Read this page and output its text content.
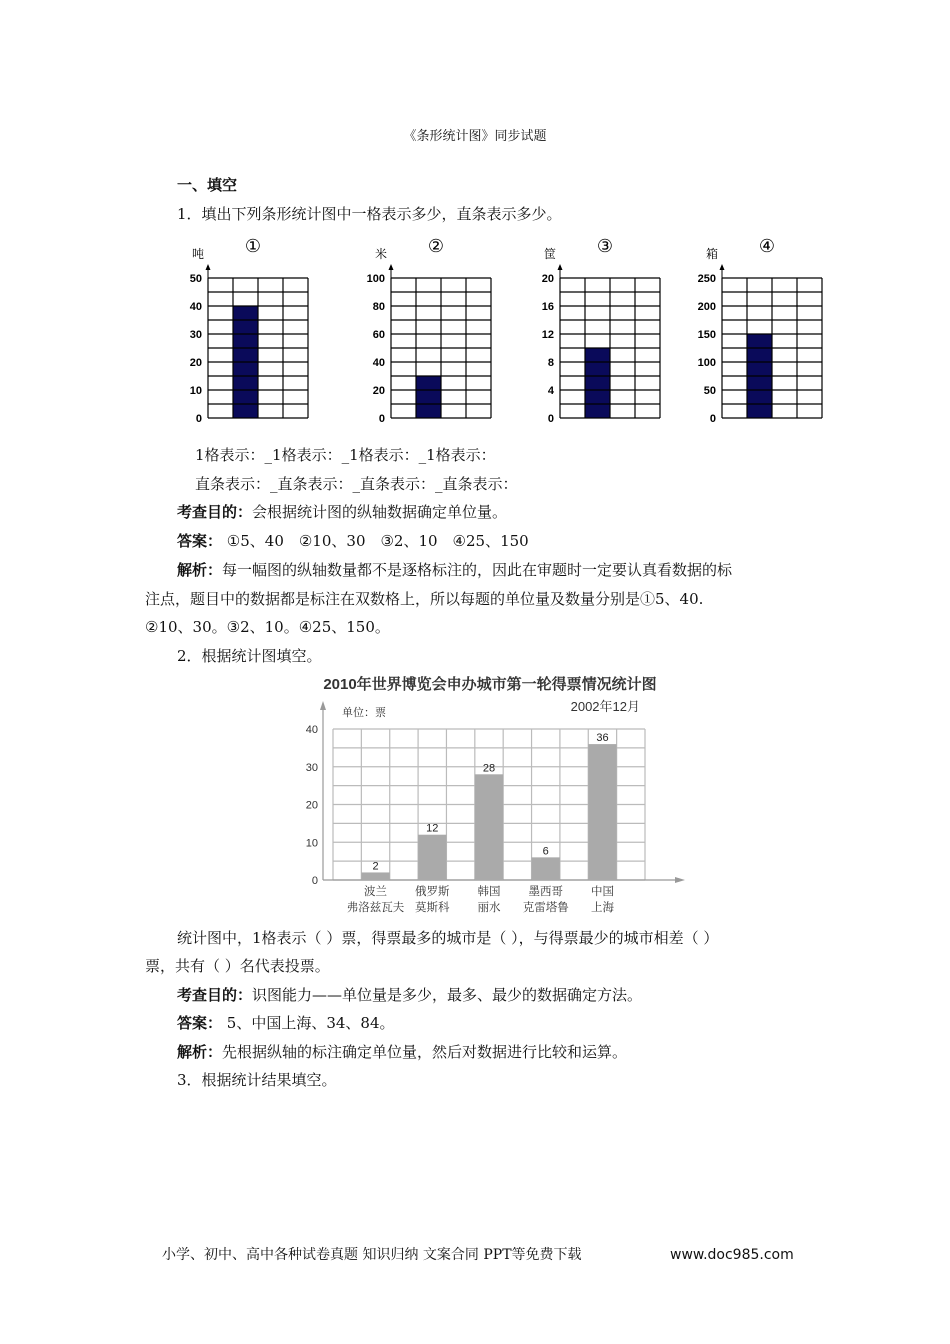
《条形统计图》同步试题
一、填空
1．填出下列条形统计图中一格表示多少，直条表示多少。
吨 ①
0
10
20
30
40
50
米 ②
0
20
40
60
80
100
筐 ③
0
4
8
12
16
20
箱 ④
0
50
100
150
200
250
1格表示：_1格表示：_1格表示：_1格表示：
直条表示：_直条表示：_直条表示：_直条表示：
考查目的：会根据统计图的纵轴数据确定单位量。
答案： ①5、40　②10、30　③2、10　④25、150
解析：每一幅图的纵轴数量都不是逐格标注的，因此在审题时一定要认真看数据的标
注点，题目中的数据都是标注在双数格上，所以每题的单位量及数量分别是①5、40.
②10、30。③2、10。④25、150。
2．根据统计图填空。
2010年世界博览会申办城市第一轮得票情况统计图
2002年12月
单位：票
0
10
20
30
40
2
波兰
弗洛兹瓦夫
12
俄罗斯
莫斯科
28
韩国
丽水
6
墨西哥
克雷塔鲁
36
中国
上海
统计图中，1格表示（ ）票，得票最多的城市是（ ），与得票最少的城市相差（ ）
票，共有（ ）名代表投票。
考查目的：识图能力——单位量是多少，最多、最少的数据确定方法。
答案： 5、中国上海、34、84。
解析：先根据纵轴的标注确定单位量，然后对数据进行比较和运算。
3．根据统计结果填空。
小学、初中、高中各种试卷真题 知识归纳 文案合同 PPT等免费下载	www.doc985.com
